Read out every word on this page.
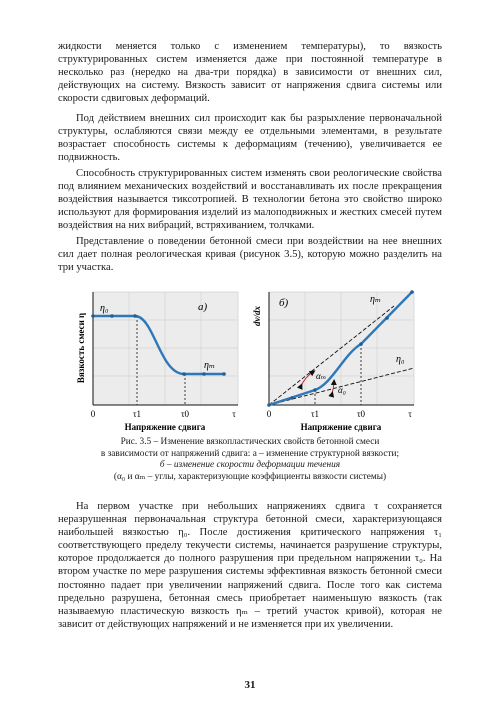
жидкости меняется только с изменением температуры), то вязкость структурированных систем изменяется даже при постоянной температуре в несколько раз (нередко на два-три порядка) в зависимости от внешних сил, действующих на систему. Вязкость зависит от напряжения сдвига системы или скорости сдвиговых деформаций.

Под действием внешних сил происходит как бы разрыхление первоначальной структуры, ослабляются связи между ее отдельными элементами, в результате возрастает способность системы к деформациям (течению), увеличивается ее подвижность.

Способность структурированных систем изменять свои реологические свойства под влиянием механических воздействий и восстанавливать их после прекращения воздействия называется тиксотропией. В технологии бетона это свойство широко используют для формирования изделий из малоподвижных и жестких смесей путем воздействия на них вибраций, встряхиванием, толчками.

Представление о поведении бетонной смеси при воздействии на нее внешних сил дает полная реологическая кривая (рисунок 3.5), которую можно разделить на три участка.

а)
η₀
ηₘ
Вязкость смеси η
0	τ1	τ0	τ
Напряжение сдвига
б)
dv/dx
ηₘ
η₀
αₘ
α₀
0	τ1	τ0	τ
Напряжение сдвига
Рис. 3.5 – Изменение вязкопластических свойств бетонной смеси
в зависимости от напряжений сдвига: а – изменение структурной вязкости;
б – изменение скорости деформации течения
(α₀ и αₘ – углы, характеризующие коэффициенты вязкости системы)

На первом участке при небольших напряжениях сдвига τ сохраняется неразрушенная первоначальная структура бетонной смеси, характеризующаяся наибольшей вязкостью η₀. После достижения критического напряжения τ₁ соответствующего пределу текучести системы, начинается разрушение структуры, которое продолжается до полного разрушения при предельном напряжении τ₀. На втором участке по мере разрушения системы эффективная вязкость бетонной смеси постоянно падает при увеличении напряжений сдвига. После того как система предельно разрушена, бетонная смесь приобретает наименьшую вязкость (так называемую пластическую вязкость ηₘ – третий участок кривой), которая не зависит от действующих напряжений и не изменяется при их увеличении.

31
